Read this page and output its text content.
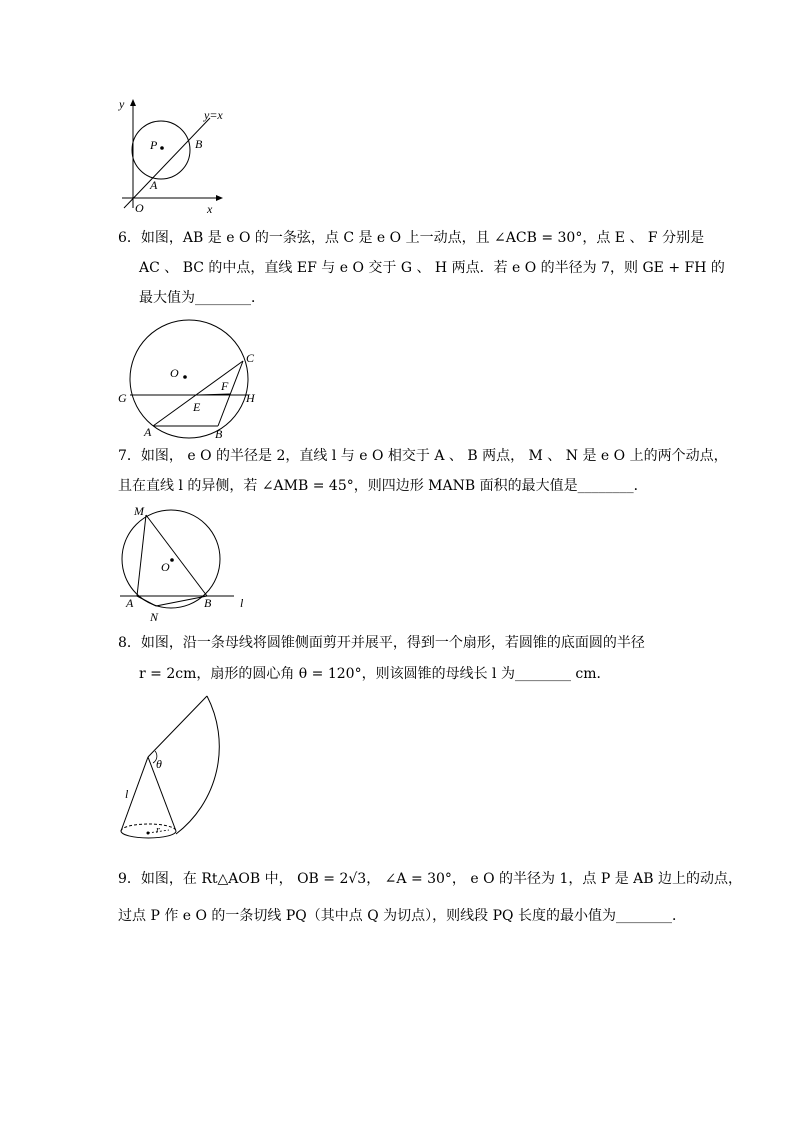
y
y=x
P	B
A
O	x
6．如图，AB 是 e O 的一条弦，点 C 是 e O 上一动点，且 ∠ACB = 30°，点 E 、 F 分别是
AC 、 BC 的中点，直线 EF 与 e O 交于 G 、 H 两点．若 e O 的半径为 7，则 GE + FH 的
最大值为________．
O
C
F
G
E
H
A	B
7．如图， e O 的半径是 2，直线 l 与 e O 相交于 A 、 B 两点， M 、 N 是 e O 上的两个动点，
且在直线 l 的异侧，若 ∠AMB = 45°，则四边形 MANB 面积的最大值是________．
M
O
A	B l
N
8．如图，沿一条母线将圆锥侧面剪开并展平，得到一个扇形，若圆锥的底面圆的半径
r = 2cm，扇形的圆心角 θ = 120°，则该圆锥的母线长 l 为________ cm．
θ
l
r
9．如图，在 Rt△AOB 中， OB = 2√3， ∠A = 30°， e O 的半径为 1，点 P 是 AB 边上的动点，
过点 P 作 e O 的一条切线 PQ（其中点 Q 为切点），则线段 PQ 长度的最小值为________．
